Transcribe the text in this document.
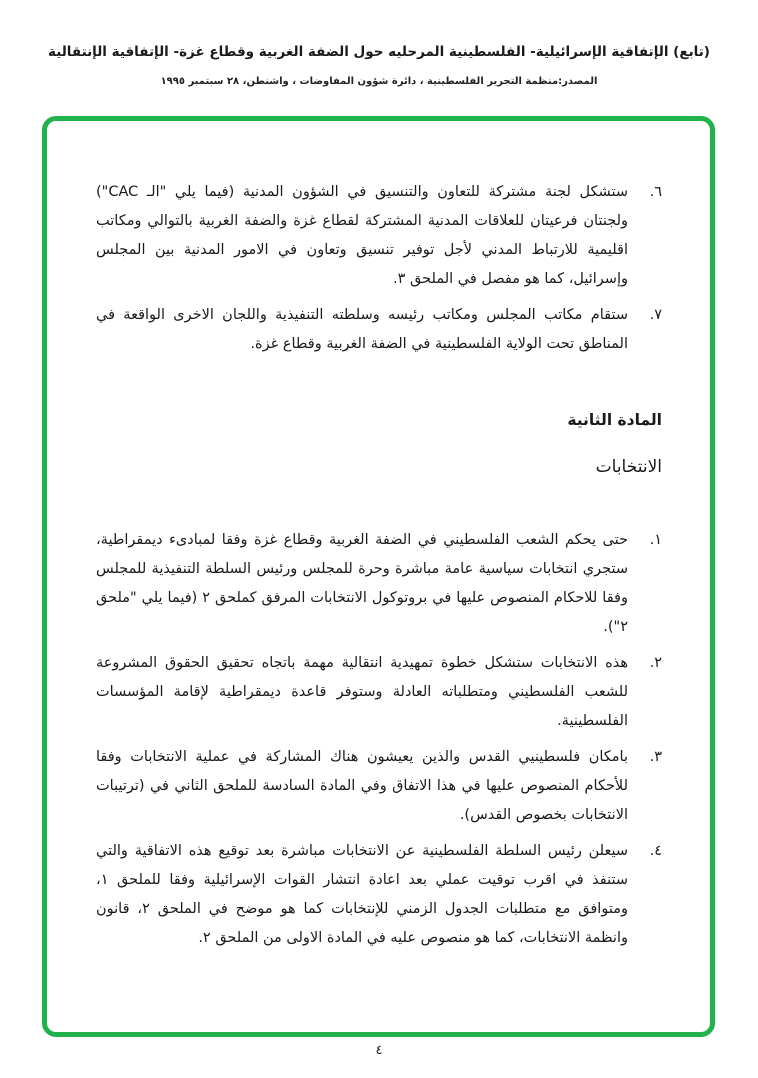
(تابع) الإتفاقية الإسرائيلية- الفلسطينية المرحليه حول الضفة الغربية وقطاع غزة- الإتفاقية الإنتقالية
المصدر:منظمة التحرير الفلسطينية ، دائرة شؤون المفاوضات ، واشنطن، ٢٨ سبتمبر ١٩٩٥
٦.
ستشكل لجنة مشتركة للتعاون والتنسيق في الشؤون المدنية (فيما يلي "الـ CAC") ولجنتان فرعيتان للعلاقات المدنية المشتركة لقطاع غزة والضفة الغربية بالتوالي ومكاتب اقليمية للارتباط المدني لأجل توفير تنسيق وتعاون في الامور المدنية بين المجلس وإسرائيل، كما هو مفصل في الملحق ٣.
٧.
ستقام مكاتب المجلس ومكاتب رئيسه وسلطته التنفيذية واللجان الاخرى الواقعة في المناطق تحت الولاية الفلسطينية في الضفة الغربية وقطاع غزة.
المادة الثانية
الانتخابات
١.
حتى يحكم الشعب الفلسطيني في الضفة الغربية وقطاع غزة وفقا لمبادىء ديمقراطية، ستجري انتخابات سياسية عامة مباشرة وحرة للمجلس ورئيس السلطة التنفيذية للمجلس وفقا للاحكام المنصوص عليها في بروتوكول الانتخابات المرفق كملحق ٢ (فيما يلي "ملحق ٢").
٢.
هذه الانتخابات ستشكل خطوة تمهيدية انتقالية مهمة باتجاه تحقيق الحقوق المشروعة للشعب الفلسطيني ومتطلباته العادلة وستوفر قاعدة ديمقراطية لإقامة المؤسسات الفلسطينية.
٣.
بامكان فلسطينيي القدس والذين يعيشون هناك المشاركة في عملية الانتخابات وفقا للأحكام المنصوص عليها في هذا الاتفاق وفي المادة السادسة للملحق الثاني في (ترتيبات الانتخابات بخصوص القدس).
٤.
سيعلن رئيس السلطة الفلسطينية عن الانتخابات مباشرة بعد توقيع هذه الاتفاقية والتي ستنفذ في اقرب توقيت عملي بعد اعادة انتشار القوات الإسرائيلية وفقا للملحق ١، ومتوافق مع متطلبات الجدول الزمني للإنتخابات كما هو موضح في الملحق ٢، قانون وانظمة الانتخابات، كما هو منصوص عليه في المادة الاولى من الملحق ٢.
٤
